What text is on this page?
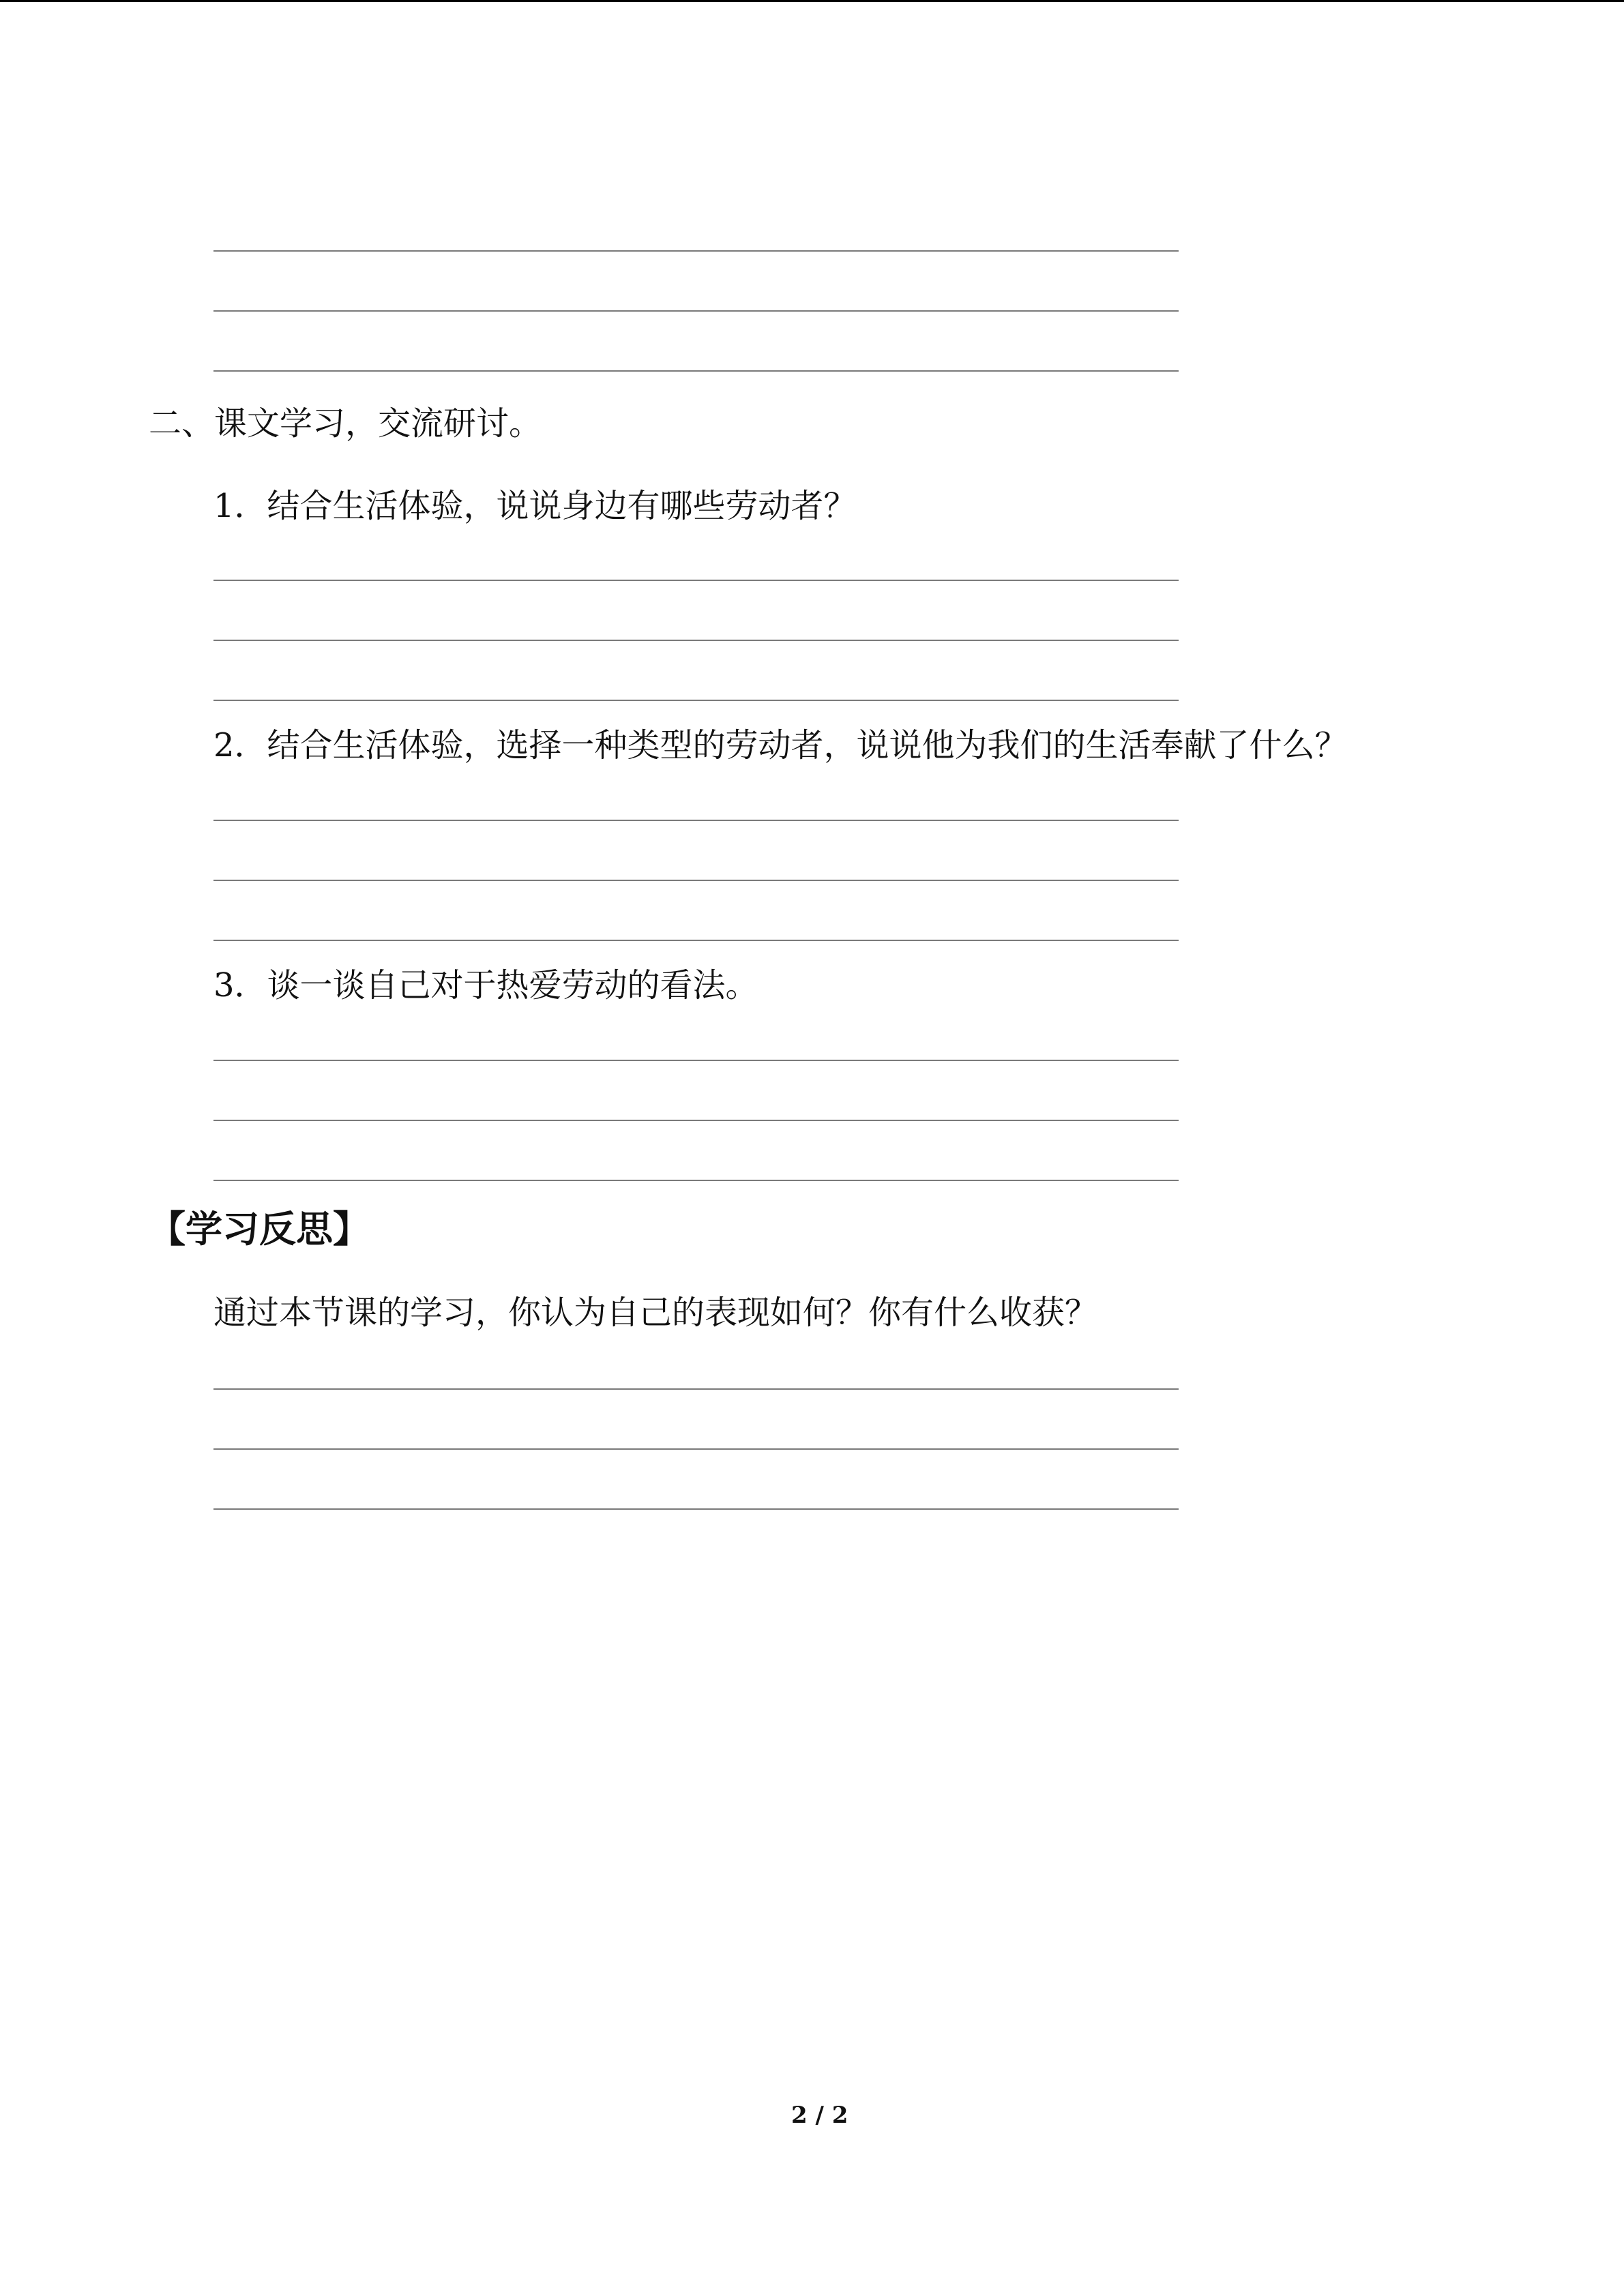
二、课文学习，交流研讨。
1．结合生活体验，说说身边有哪些劳动者？
2．结合生活体验，选择一种类型的劳动者，说说他为我们的生活奉献了什么？
3．谈一谈自己对于热爱劳动的看法。
【学习反思】
通过本节课的学习，你认为自己的表现如何？你有什么收获？
2 / 2
